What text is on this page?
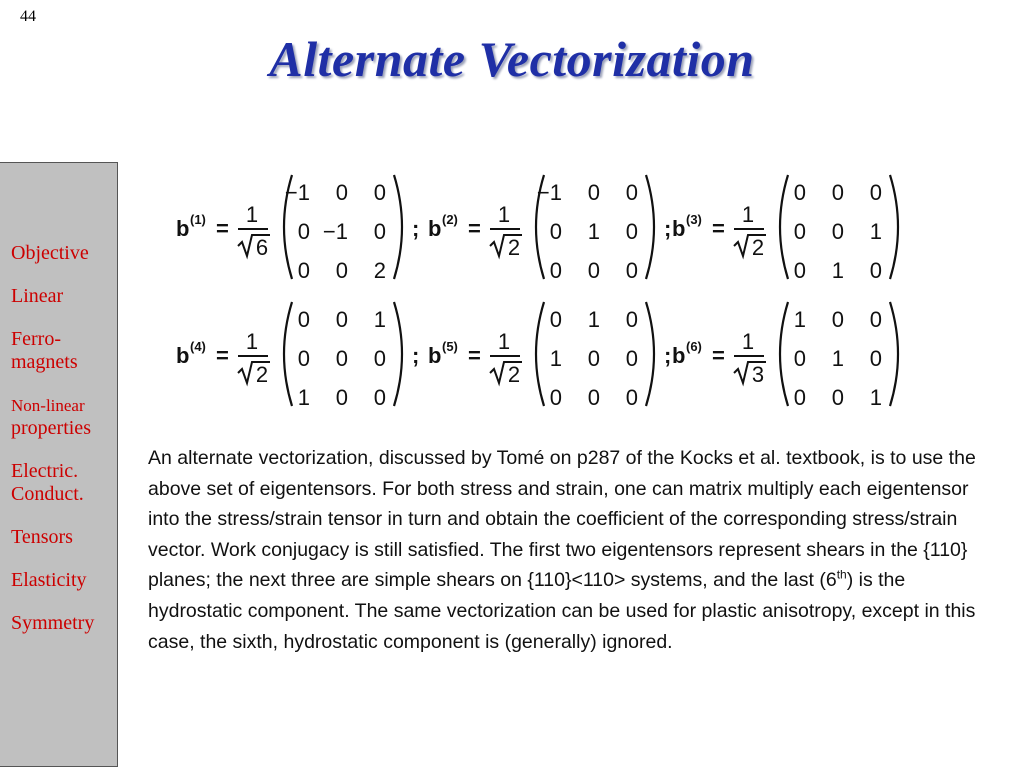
44
Alternate Vectorization
Objective
Linear
Ferro-
magnets
Non-linear
properties
Electric.
Conduct.
Tensors
Elasticity
Symmetry
b (1) =
1
6
−1 0 0
0 −1 0
0 0 2
; b (2) =
1
2
−1 0 0
0 1 0
0 0 0
; b (3) =
1
2
0 0 0
0 0 1
0 1 0
b (4) =
1
2
0 0 1
0 0 0
1 0 0
; b (5) =
1
2
0 1 0
1 0 0
0 0 0
; b (6) =
1
3
1 0 0
0 1 0
0 0 1
An alternate vectorization, discussed by Tomé on p287 of the Kocks et al. textbook, is to use the above set of eigentensors. For both stress and strain, one can matrix multiply each eigentensor into the stress/strain tensor in turn and obtain the coefficient of the corresponding stress/strain vector. Work conjugacy is still satisfied. The first two eigentensors represent shears in the {110} planes; the next three are simple shears on {110}<110> systems, and the last (6th) is the hydrostatic component. The same vectorization can be used for plastic anisotropy, except in this case, the sixth, hydrostatic component is (generally) ignored.
